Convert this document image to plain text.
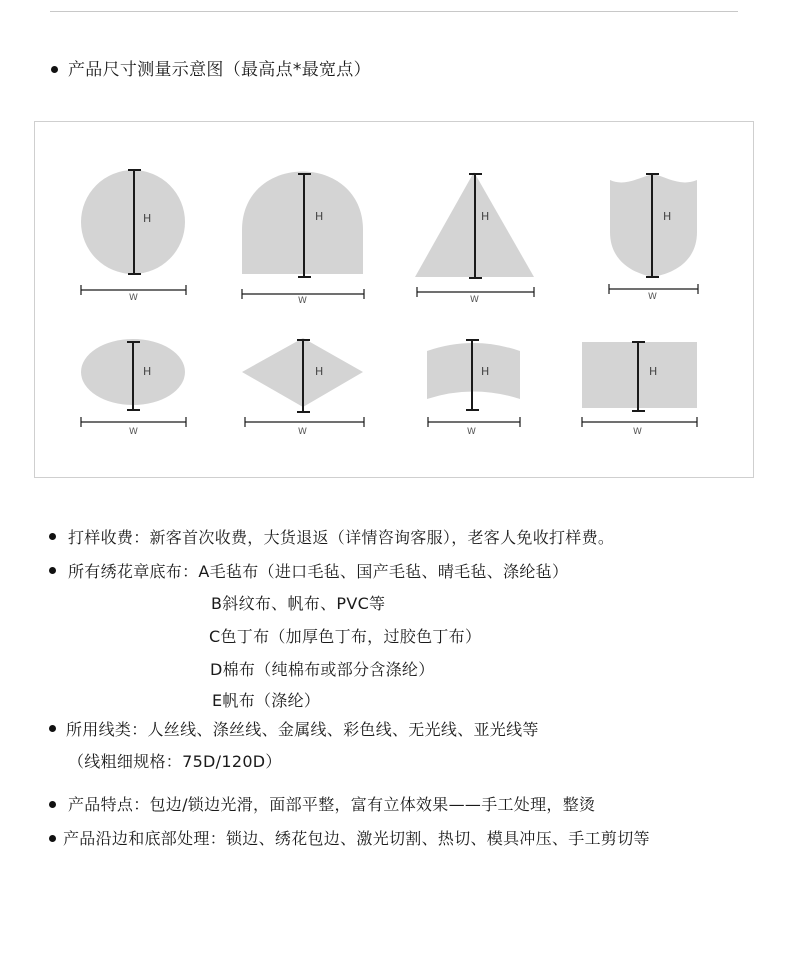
产品尺寸测量示意图（最高点*最宽点）
H	H	H	H
H	H	H	H
W	W	W	W
W	W	W	W
打样收费：新客首次收费，大货退返（详情咨询客服），老客人免收打样费。
所有绣花章底布：A毛毡布（进口毛毡、国产毛毡、晴毛毡、涤纶毡）
B斜纹布、帆布、PVC等
C色丁布（加厚色丁布，过胶色丁布）
D棉布（纯棉布或部分含涤纶）
E帆布（涤纶）
所用线类：人丝线、涤丝线、金属线、彩色线、无光线、亚光线等
（线粗细规格：75D/120D）
产品特点：包边/锁边光滑，面部平整，富有立体效果——手工处理，整烫
产品沿边和底部处理：锁边、绣花包边、激光切割、热切、模具冲压、手工剪切等
